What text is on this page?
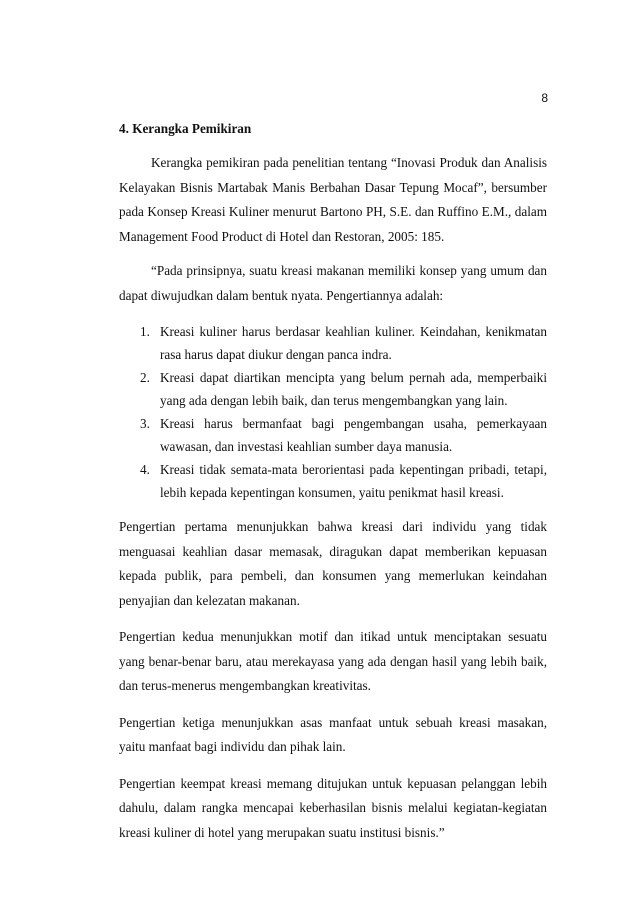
8
4. Kerangka Pemikiran

Kerangka pemikiran pada penelitian tentang “Inovasi Produk dan Analisis Kelayakan Bisnis Martabak Manis Berbahan Dasar Tepung Mocaf”, bersumber pada Konsep Kreasi Kuliner menurut Bartono PH, S.E. dan Ruffino E.M., dalam Management Food Product di Hotel dan Restoran, 2005: 185.

“Pada prinsipnya, suatu kreasi makanan memiliki konsep yang umum dan dapat diwujudkan dalam bentuk nyata. Pengertiannya adalah:

1. Kreasi kuliner harus berdasar keahlian kuliner. Keindahan, kenikmatan rasa harus dapat diukur dengan panca indra.
2. Kreasi dapat diartikan mencipta yang belum pernah ada, memperbaiki yang ada dengan lebih baik, dan terus mengembangkan yang lain.
3. Kreasi harus bermanfaat bagi pengembangan usaha, pemerkayaan wawasan, dan investasi keahlian sumber daya manusia.
4. Kreasi tidak semata-mata berorientasi pada kepentingan pribadi, tetapi, lebih kepada kepentingan konsumen, yaitu penikmat hasil kreasi.

Pengertian pertama menunjukkan bahwa kreasi dari individu yang tidak menguasai keahlian dasar memasak, diragukan dapat memberikan kepuasan kepada publik, para pembeli, dan konsumen yang memerlukan keindahan penyajian dan kelezatan makanan.

Pengertian kedua menunjukkan motif dan itikad untuk menciptakan sesuatu yang benar-benar baru, atau merekayasa yang ada dengan hasil yang lebih baik, dan terus-menerus mengembangkan kreativitas.

Pengertian ketiga menunjukkan asas manfaat untuk sebuah kreasi masakan, yaitu manfaat bagi individu dan pihak lain.

Pengertian keempat kreasi memang ditujukan untuk kepuasan pelanggan lebih dahulu, dalam rangka mencapai keberhasilan bisnis melalui kegiatan-kegiatan kreasi kuliner di hotel yang merupakan suatu institusi bisnis.”
